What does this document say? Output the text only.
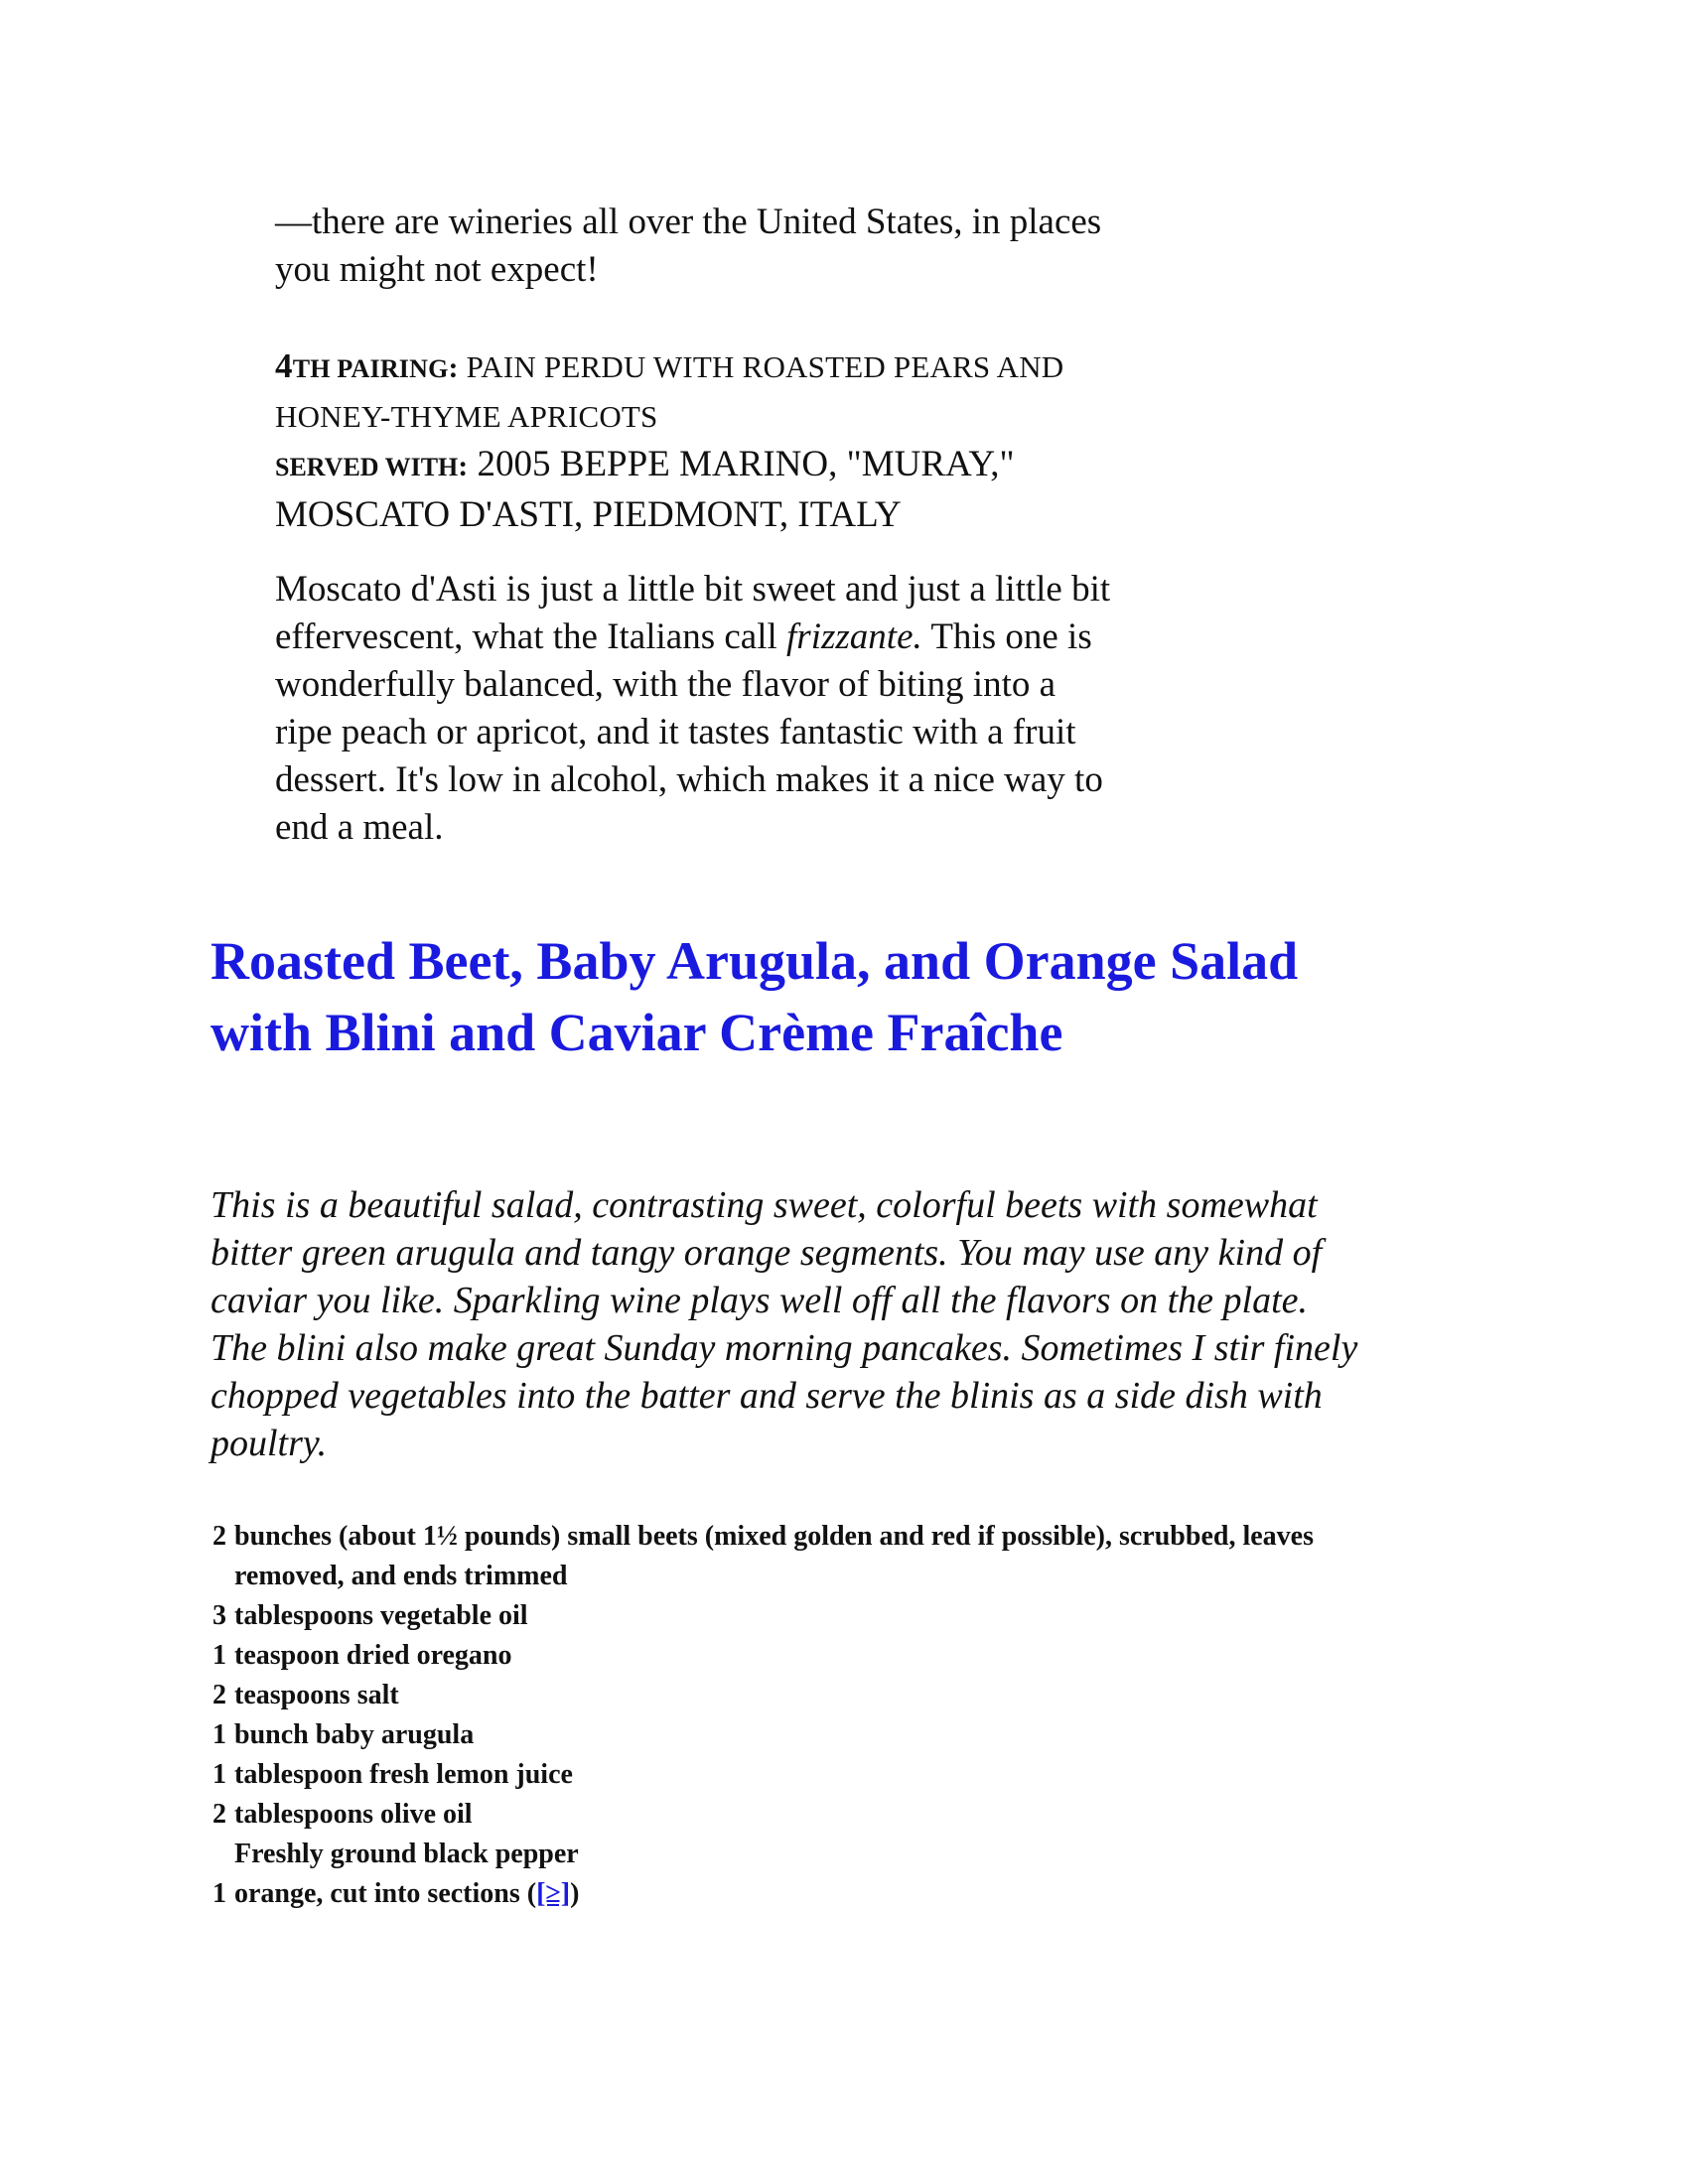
—there are wineries all over the United States, in places
you might not expect!
4TH PAIRING: PAIN PERDU WITH ROASTED PEARS AND
HONEY-THYME APRICOTS
SERVED WITH: 2005 BEPPE MARINO, "MURAY,"
MOSCATO D'ASTI, PIEDMONT, ITALY
Moscato d'Asti is just a little bit sweet and just a little bit
effervescent, what the Italians call frizzante. This one is
wonderfully balanced, with the flavor of biting into a
ripe peach or apricot, and it tastes fantastic with a fruit
dessert. It's low in alcohol, which makes it a nice way to
end a meal.
Roasted Beet, Baby Arugula, and Orange Salad
with Blini and Caviar Crème Fraîche
This is a beautiful salad, contrasting sweet, colorful beets with somewhat
bitter green arugula and tangy orange segments. You may use any kind of
caviar you like. Sparkling wine plays well off all the flavors on the plate.
The blini also make great Sunday morning pancakes. Sometimes I stir finely
chopped vegetables into the batter and serve the blinis as a side dish with
poultry.
2 bunches (about 1½ pounds) small beets (mixed golden and red if possible), scrubbed, leaves
removed, and ends trimmed
3 tablespoons vegetable oil
1 teaspoon dried oregano
2 teaspoons salt
1 bunch baby arugula
1 tablespoon fresh lemon juice
2 tablespoons olive oil
Freshly ground black pepper
1 orange, cut into sections ([≥])
